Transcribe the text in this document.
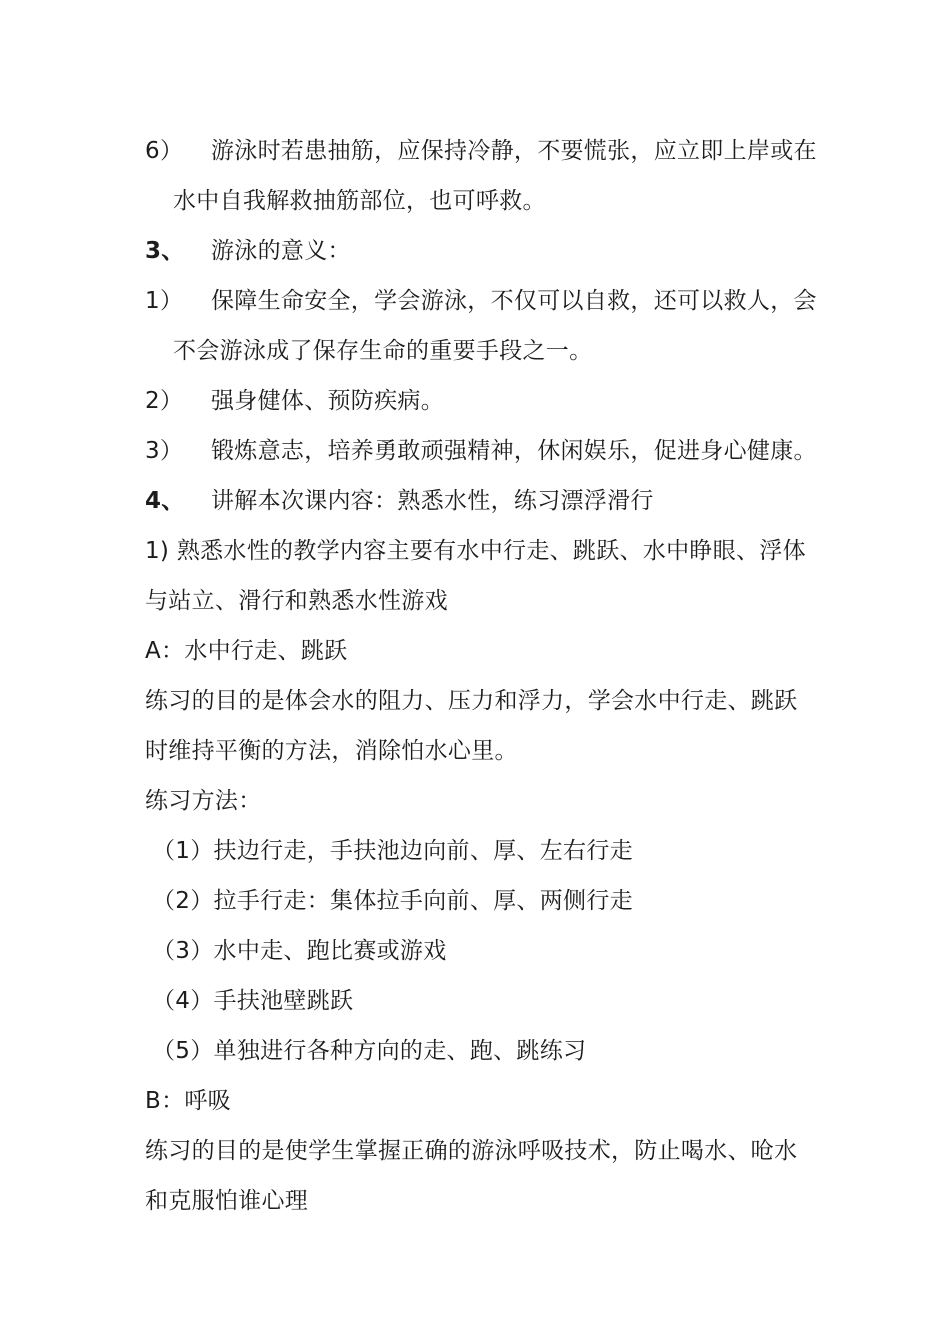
6） 游泳时若患抽筋，应保持冷静，不要慌张，应立即上岸或在
水中自我解救抽筋部位，也可呼救。
3、 游泳的意义：
1） 保障生命安全，学会游泳，不仅可以自救，还可以救人，会
不会游泳成了保存生命的重要手段之一。
2） 强身健体、预防疾病。
3） 锻炼意志，培养勇敢顽强精神，休闲娱乐，促进身心健康。
4、 讲解本次课内容：熟悉水性，练习漂浮滑行
1) 熟悉水性的教学内容主要有水中行走、跳跃、水中睁眼、浮体
与站立、滑行和熟悉水性游戏
A：水中行走、跳跃
练习的目的是体会水的阻力、压力和浮力，学会水中行走、跳跃
时维持平衡的方法，消除怕水心里。
练习方法：
（1）扶边行走，手扶池边向前、厚、左右行走
（2）拉手行走：集体拉手向前、厚、两侧行走
（3）水中走、跑比赛或游戏
（4）手扶池壁跳跃
（5）单独进行各种方向的走、跑、跳练习
B：呼吸
练习的目的是使学生掌握正确的游泳呼吸技术，防止喝水、呛水
和克服怕谁心理
